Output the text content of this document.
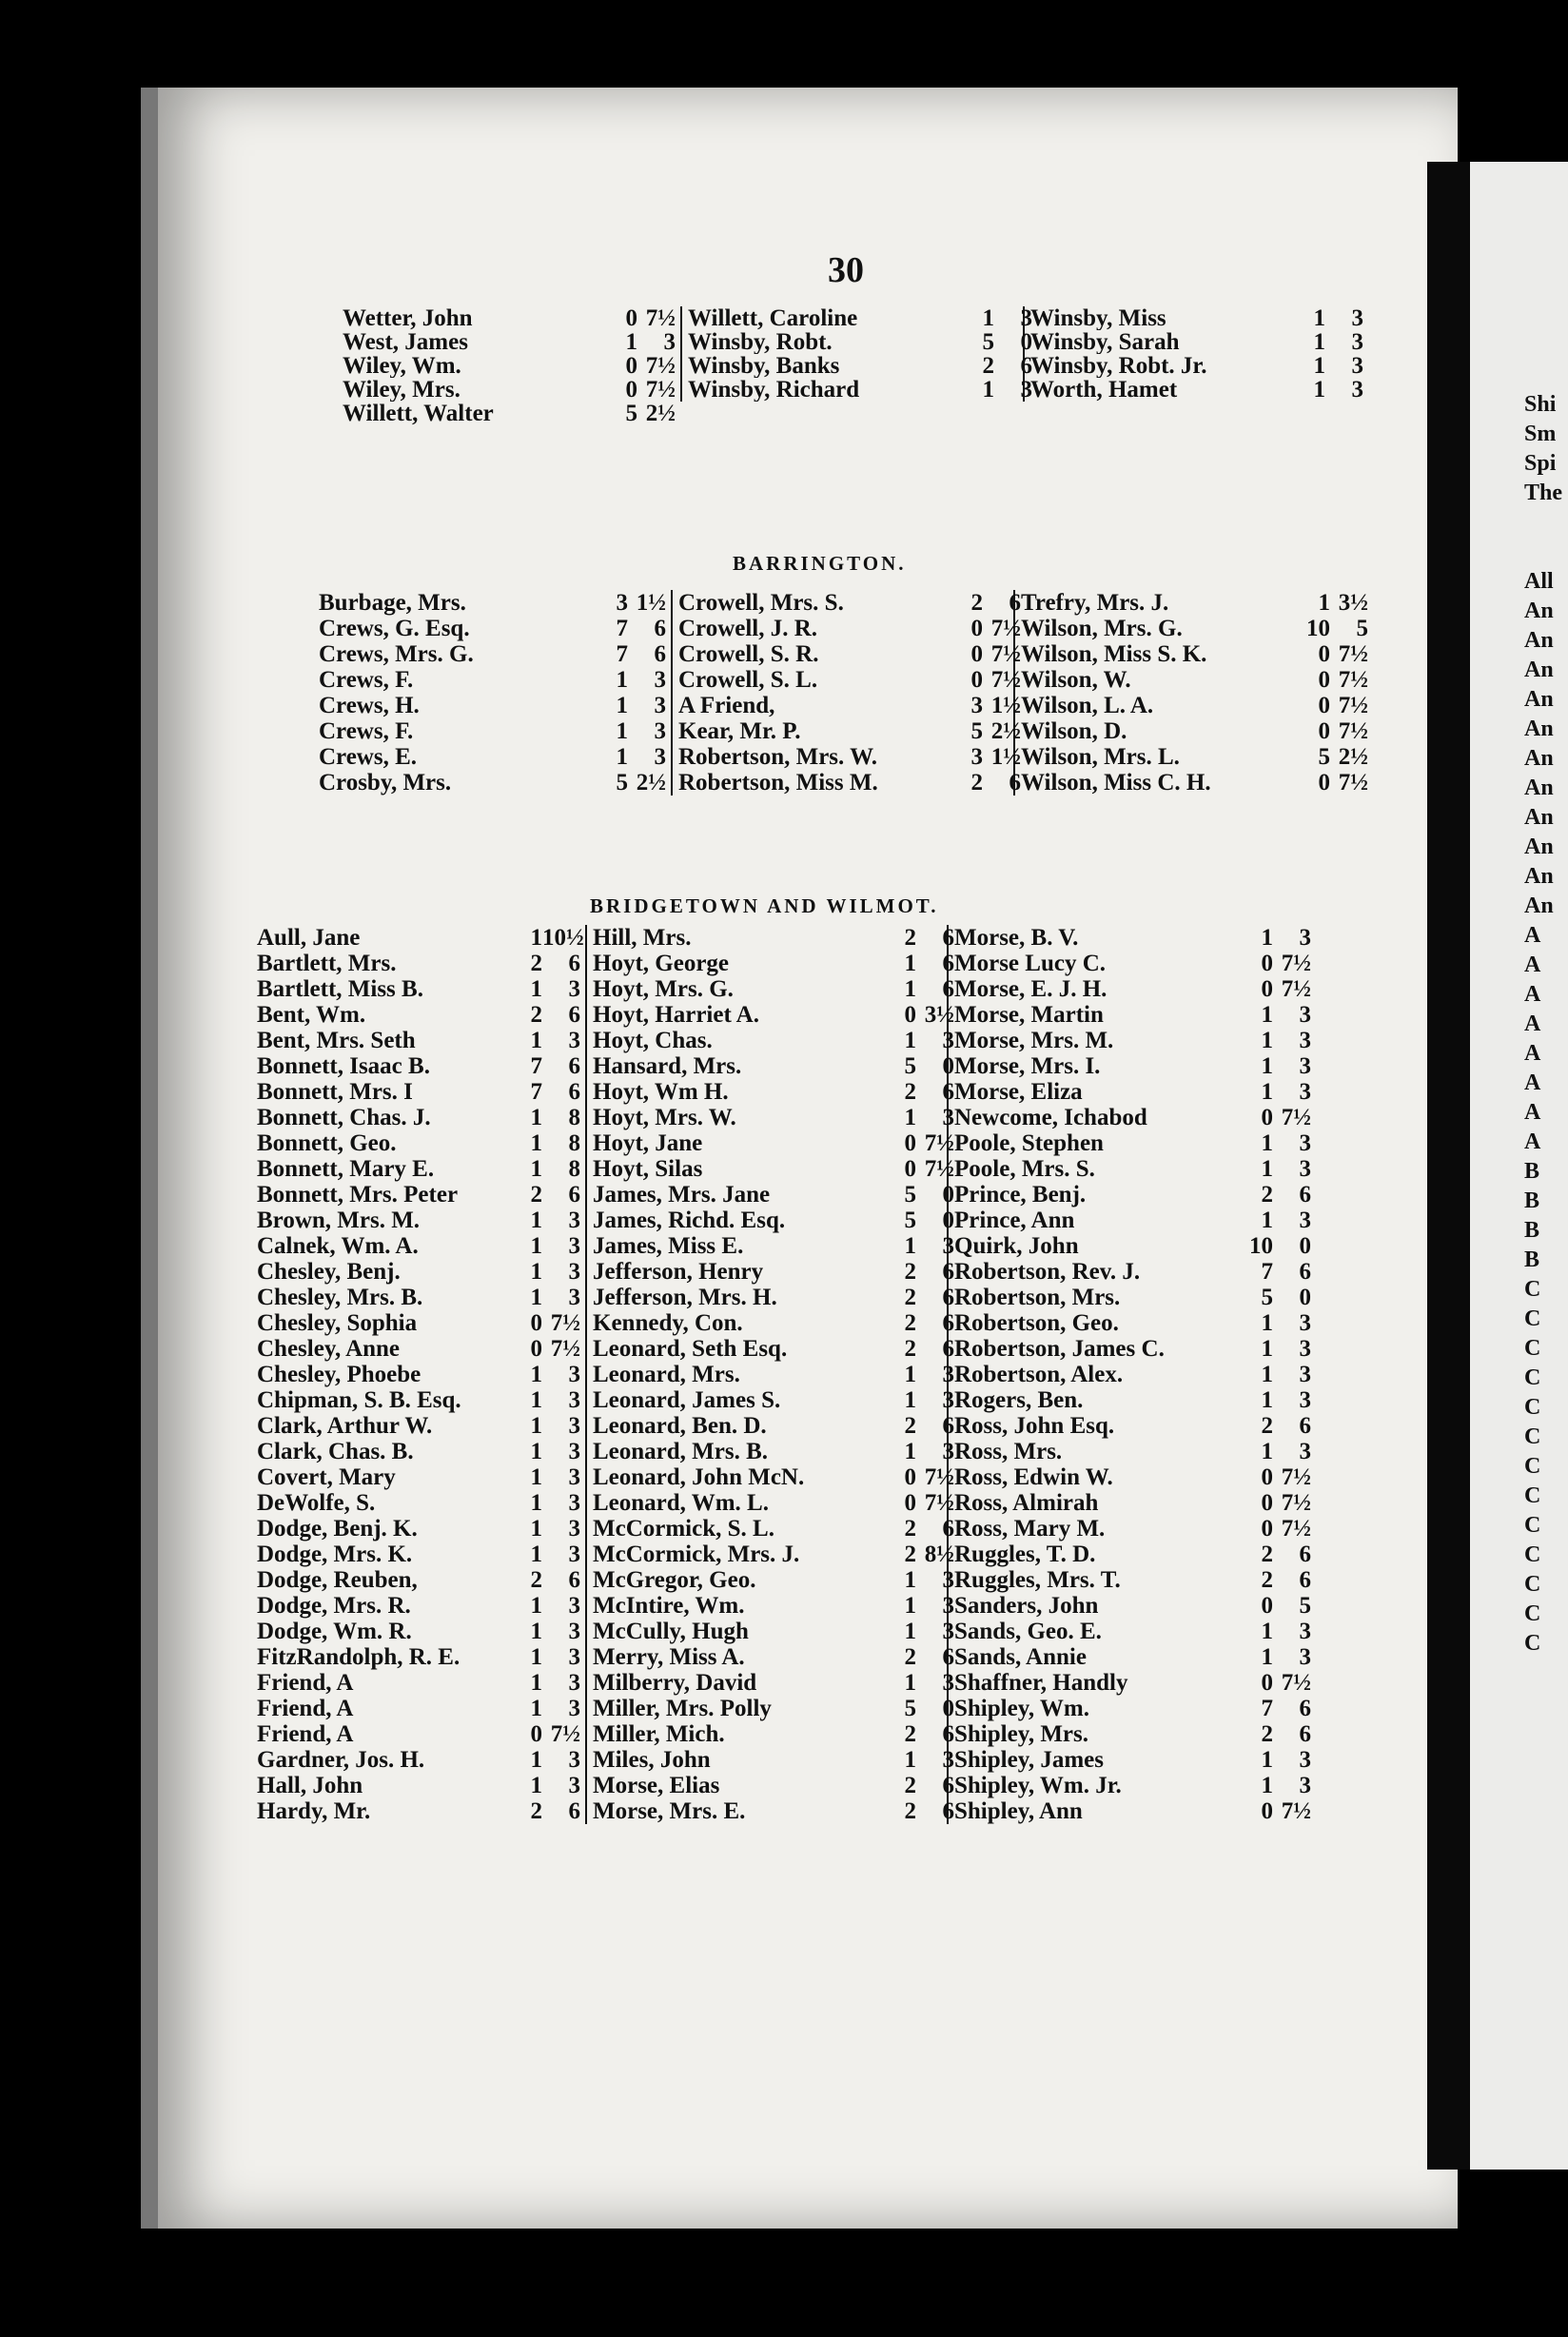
30
Wetter, John	0 7½
West, James	1	3
Wiley, Wm.	0 7½
Wiley, Mrs.	0 7½
Willett, Walter	5 2½
Willett, Caroline	1	3
Winsby, Robt.	5	0
Winsby, Banks	2	6
Winsby, Richard	1	3
Winsby, Miss	1	3
Winsby, Sarah	1	3
Winsby, Robt. Jr.	1	3
Worth, Hamet	1	3
BARRINGTON.
Burbage, Mrs.	3 1½
Crews, G. Esq.	7	6
Crews, Mrs. G.	7	6
Crews, F.	1	3
Crews, H.	1	3
Crews, F.	1	3
Crews, E.	1	3
Crosby, Mrs.	5 2½
Crowell, Mrs. S.	2	6
Crowell, J. R.	0 7½
Crowell, S. R.	0 7½
Crowell, S. L.	0 7½
A Friend,	3 1½
Kear, Mr. P.	5 2½
Robertson, Mrs. W.	3 1½
Robertson, Miss M.	2	6
Trefry, Mrs. J.	1 3½
Wilson, Mrs. G.	10	5
Wilson, Miss S. K.	0 7½
Wilson, W.	0 7½
Wilson, L. A.	0 7½
Wilson, D.	0 7½
Wilson, Mrs. L.	5 2½
Wilson, Miss C. H.	0 7½
BRIDGETOWN AND WILMOT.
Aull, Jane	1 10½
Bartlett, Mrs.	2	6
Bartlett, Miss B.	1	3
Bent, Wm.	2	6
Bent, Mrs. Seth	1	3
Bonnett, Isaac B.	7	6
Bonnett, Mrs. I	7	6
Bonnett, Chas. J.	1	8
Bonnett, Geo.	1	8
Bonnett, Mary E.	1	8
Bonnett, Mrs. Peter	2	6
Brown, Mrs. M.	1	3
Calnek, Wm. A.	1	3
Chesley, Benj.	1	3
Chesley, Mrs. B.	1	3
Chesley, Sophia	0 7½
Chesley, Anne	0 7½
Chesley, Phoebe	1	3
Chipman, S. B. Esq.	1	3
Clark, Arthur W.	1	3
Clark, Chas. B.	1	3
Covert, Mary	1	3
DeWolfe, S.	1	3
Dodge, Benj. K.	1	3
Dodge, Mrs. K.	1	3
Dodge, Reuben,	2	6
Dodge, Mrs. R.	1	3
Dodge, Wm. R.	1	3
FitzRandolph, R. E.	1	3
Friend, A	1	3
Friend, A	1	3
Friend, A	0 7½
Gardner, Jos. H.	1	3
Hall, John	1	3
Hardy, Mr.	2	6
Hill, Mrs.	2	6
Hoyt, George	1	6
Hoyt, Mrs. G.	1	6
Hoyt, Harriet A.	0 3½
Hoyt, Chas.	1	3
Hansard, Mrs.	5	0
Hoyt, Wm H.	2	6
Hoyt, Mrs. W.	1	3
Hoyt, Jane	0 7½
Hoyt, Silas	0 7½
James, Mrs. Jane	5	0
James, Richd. Esq.	5	0
James, Miss E.	1	3
Jefferson, Henry	2	6
Jefferson, Mrs. H.	2	6
Kennedy, Con.	2	6
Leonard, Seth Esq.	2	6
Leonard, Mrs.	1	3
Leonard, James S.	1	3
Leonard, Ben. D.	2	6
Leonard, Mrs. B.	1	3
Leonard, John McN.	0 7½
Leonard, Wm. L.	0 7½
McCormick, S. L.	2	6
McCormick, Mrs. J.	2 8½
McGregor, Geo.	1	3
McIntire, Wm.	1	3
McCully, Hugh	1	3
Merry, Miss A.	2	6
Milberry, David	1	3
Miller, Mrs. Polly	5	0
Miller, Mich.	2	6
Miles, John	1	3
Morse, Elias	2	6
Morse, Mrs. E.	2	6
Morse, B. V.	1	3
Morse Lucy C.	0 7½
Morse, E. J. H.	0 7½
Morse, Martin	1	3
Morse, Mrs. M.	1	3
Morse, Mrs. I.	1	3
Morse, Eliza	1	3
Newcome, Ichabod	0 7½
Poole, Stephen	1	3
Poole, Mrs. S.	1	3
Prince, Benj.	2	6
Prince, Ann	1	3
Quirk, John	10	0
Robertson, Rev. J.	7	6
Robertson, Mrs.	5	0
Robertson, Geo.	1	3
Robertson, James C.	1	3
Robertson, Alex.	1	3
Rogers, Ben.	1	3
Ross, John Esq.	2	6
Ross, Mrs.	1	3
Ross, Edwin W.	0 7½
Ross, Almirah	0 7½
Ross, Mary M.	0 7½
Ruggles, T. D.	2	6
Ruggles, Mrs. T.	2	6
Sanders, John	0	5
Sands, Geo. E.	1	3
Sands, Annie	1	3
Shaffner, Handly	0 7½
Shipley, Wm.	7	6
Shipley, Mrs.	2	6
Shipley, James	1	3
Shipley, Wm. Jr.	1	3
Shipley, Ann	0 7½
Shi
Sm
Spi
The

All
An
An
An
An
An
An
An
An
An
An
An
A
A
A
A
A
A
A
A
B
B
B
B
C
C
C
C
C
C
C
C
C
C
C
C
C
